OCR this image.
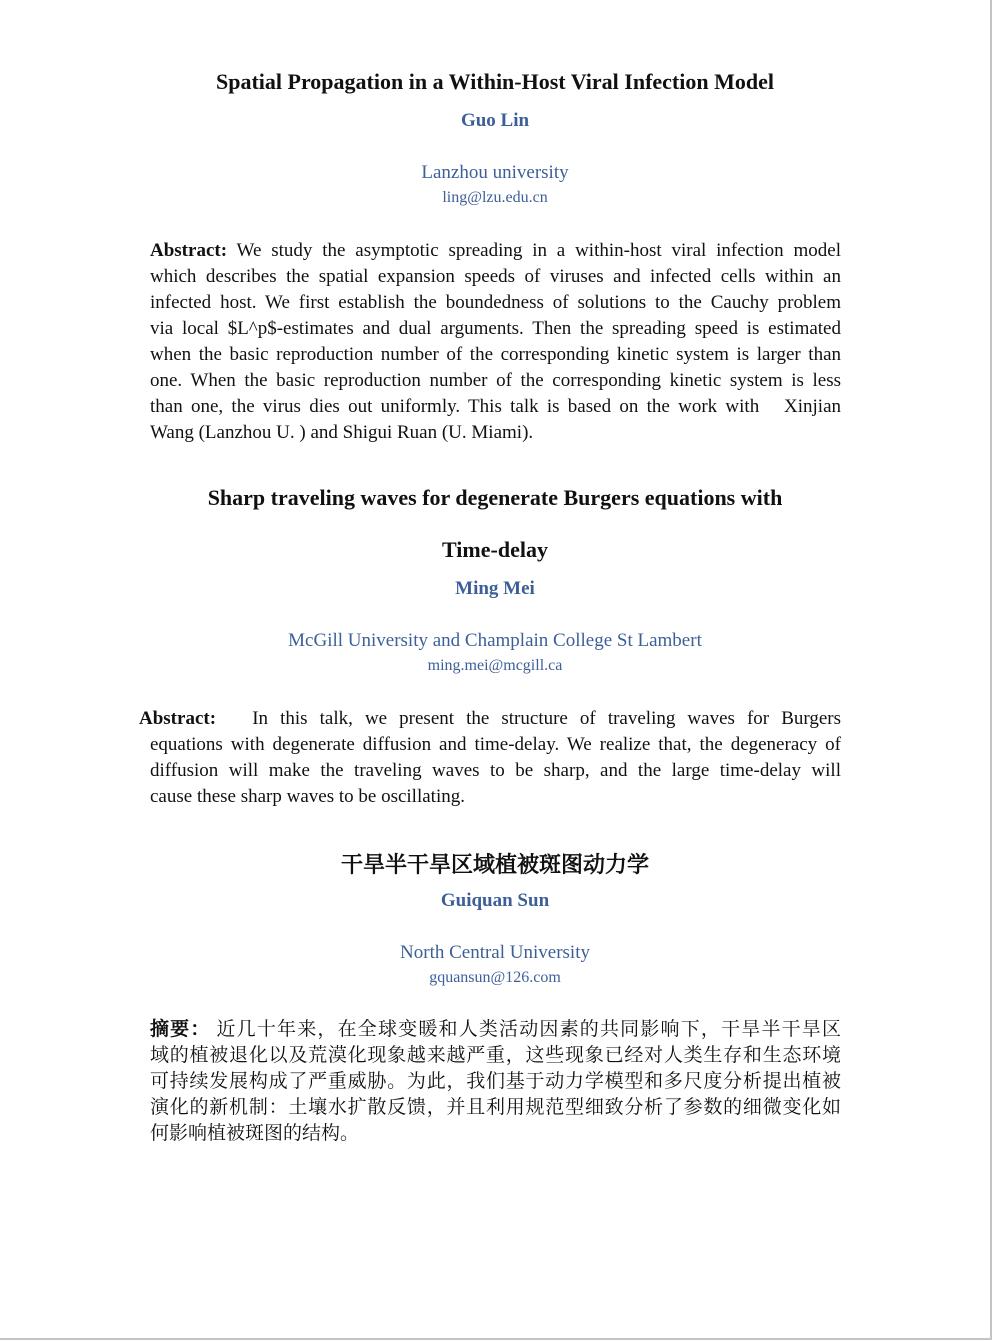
Spatial Propagation in a Within-Host Viral Infection Model
Guo Lin
Lanzhou university
ling@lzu.edu.cn
Abstract: We study the asymptotic spreading in a within-host viral infection model
which describes the spatial expansion speeds of viruses and infected cells within an
infected host. We first establish the boundedness of solutions to the Cauchy problem
via local $L^p$-estimates and dual arguments. Then the spreading speed is estimated
when the basic reproduction number of the corresponding kinetic system is larger than
one. When the basic reproduction number of the corresponding kinetic system is less
than one, the virus dies out uniformly. This talk is based on the work with   Xinjian
Wang (Lanzhou U. ) and Shigui Ruan (U. Miami).
Sharp traveling waves for degenerate Burgers equations with
Time-delay
Ming Mei
McGill University and Champlain College St Lambert
ming.mei@mcgill.ca
Abstract: In this talk, we present the structure of traveling waves for Burgers
equations with degenerate diffusion and time-delay. We realize that, the degeneracy of
diffusion will make the traveling waves to be sharp, and the large time-delay will
cause these sharp waves to be oscillating.
干旱半干旱区域植被斑图动力学
Guiquan Sun
North Central University
gquansun@126.com
摘要： 近几十年来，在全球变暖和人类活动因素的共同影响下，干旱半干旱区
域的植被退化以及荒漠化现象越来越严重，这些现象已经对人类生存和生态环境
可持续发展构成了严重威胁。为此，我们基于动力学模型和多尺度分析提出植被
演化的新机制：土壤水扩散反馈，并且利用规范型细致分析了参数的细微变化如
何影响植被斑图的结构。
